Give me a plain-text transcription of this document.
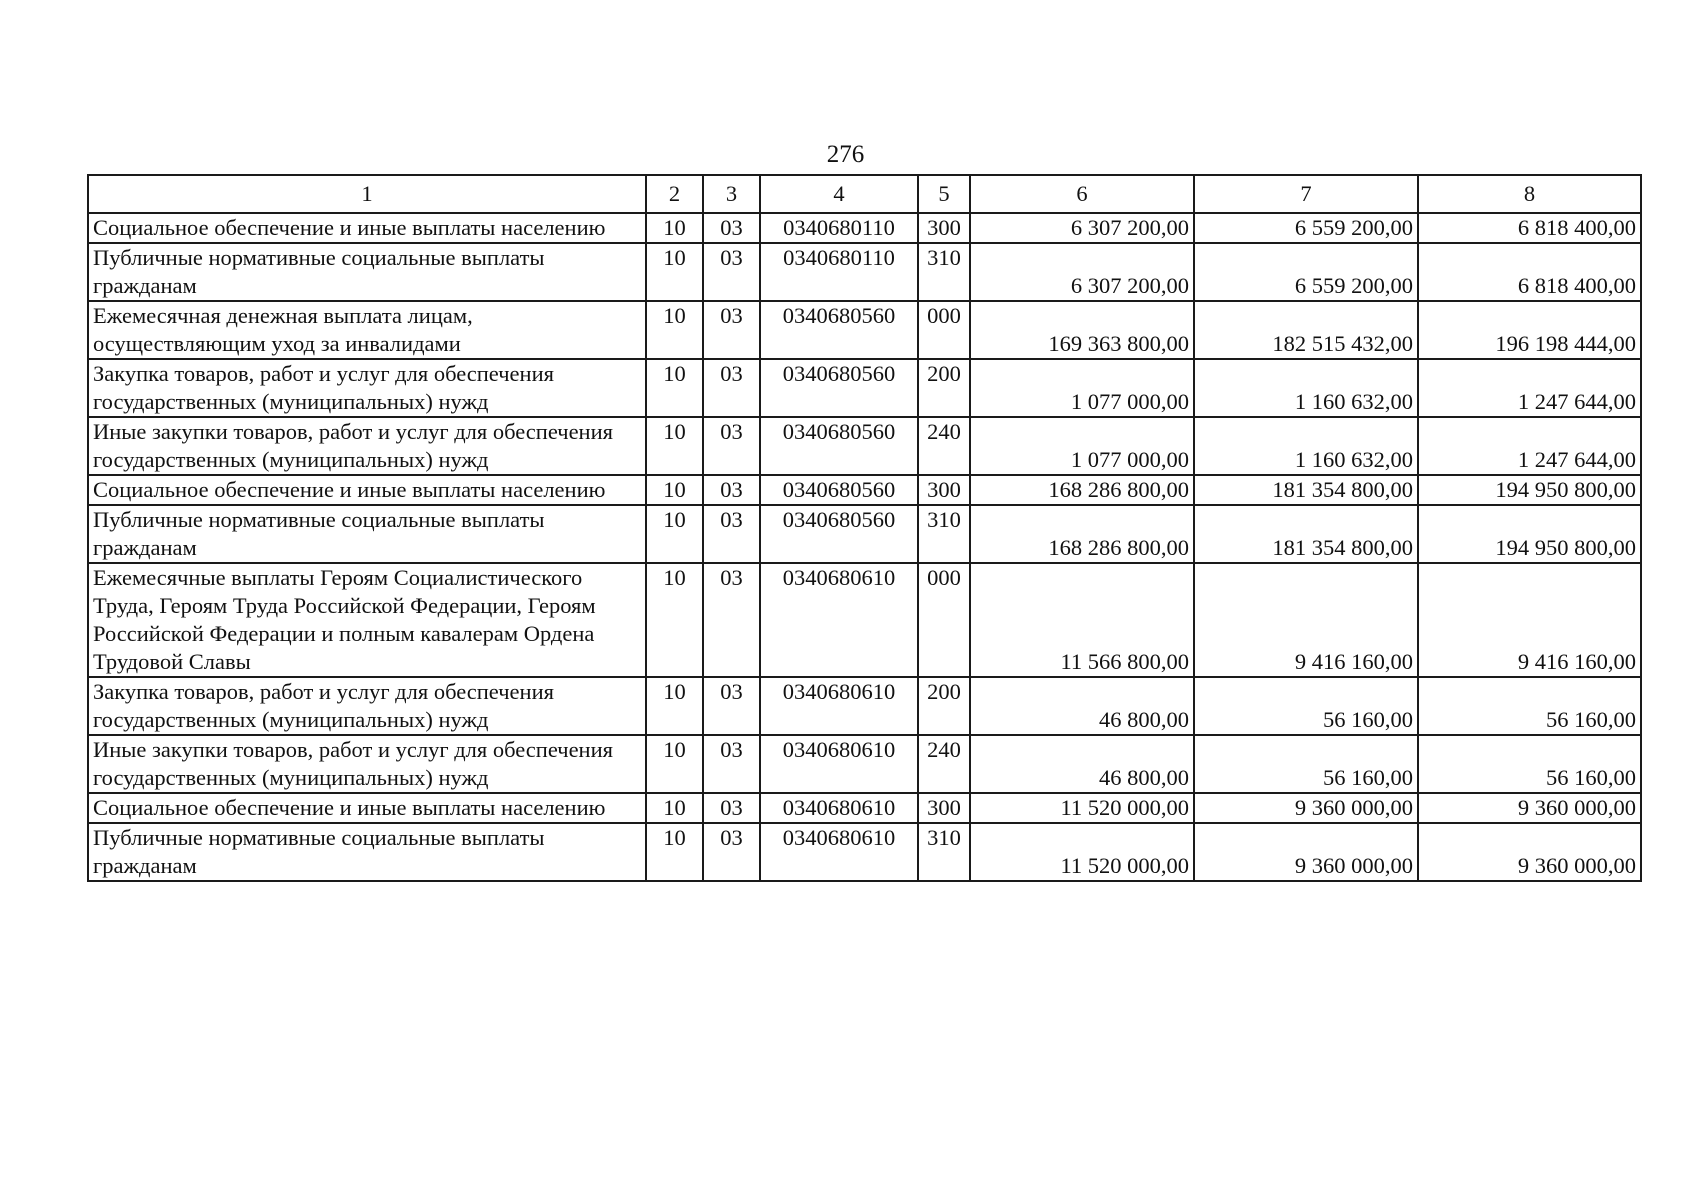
276
1	2	3	4	5	6	7	8
Социальное обеспечение и иные выплаты населению	10	03	0340680110	300	6 307 200,00	6 559 200,00	6 818 400,00
Публичные нормативные социальные выплаты гражданам	10	03	0340680110	310	6 307 200,00	6 559 200,00	6 818 400,00
Ежемесячная денежная выплата лицам, осуществляющим уход за инвалидами	10	03	0340680560	000	169 363 800,00	182 515 432,00	196 198 444,00
Закупка товаров, работ и услуг для обеспечения государственных (муниципальных) нужд	10	03	0340680560	200	1 077 000,00	1 160 632,00	1 247 644,00
Иные закупки товаров, работ и услуг для обеспечения государственных (муниципальных) нужд	10	03	0340680560	240	1 077 000,00	1 160 632,00	1 247 644,00
Социальное обеспечение и иные выплаты населению	10	03	0340680560	300	168 286 800,00	181 354 800,00	194 950 800,00
Публичные нормативные социальные выплаты гражданам	10	03	0340680560	310	168 286 800,00	181 354 800,00	194 950 800,00
Ежемесячные выплаты Героям Социалистического Труда, Героям Труда Российской Федерации, Героям Российской Федерации и полным кавалерам Ордена Трудовой Славы	10	03	0340680610	000	11 566 800,00	9 416 160,00	9 416 160,00
Закупка товаров, работ и услуг для обеспечения государственных (муниципальных) нужд	10	03	0340680610	200	46 800,00	56 160,00	56 160,00
Иные закупки товаров, работ и услуг для обеспечения государственных (муниципальных) нужд	10	03	0340680610	240	46 800,00	56 160,00	56 160,00
Социальное обеспечение и иные выплаты населению	10	03	0340680610	300	11 520 000,00	9 360 000,00	9 360 000,00
Публичные нормативные социальные выплаты гражданам	10	03	0340680610	310	11 520 000,00	9 360 000,00	9 360 000,00
